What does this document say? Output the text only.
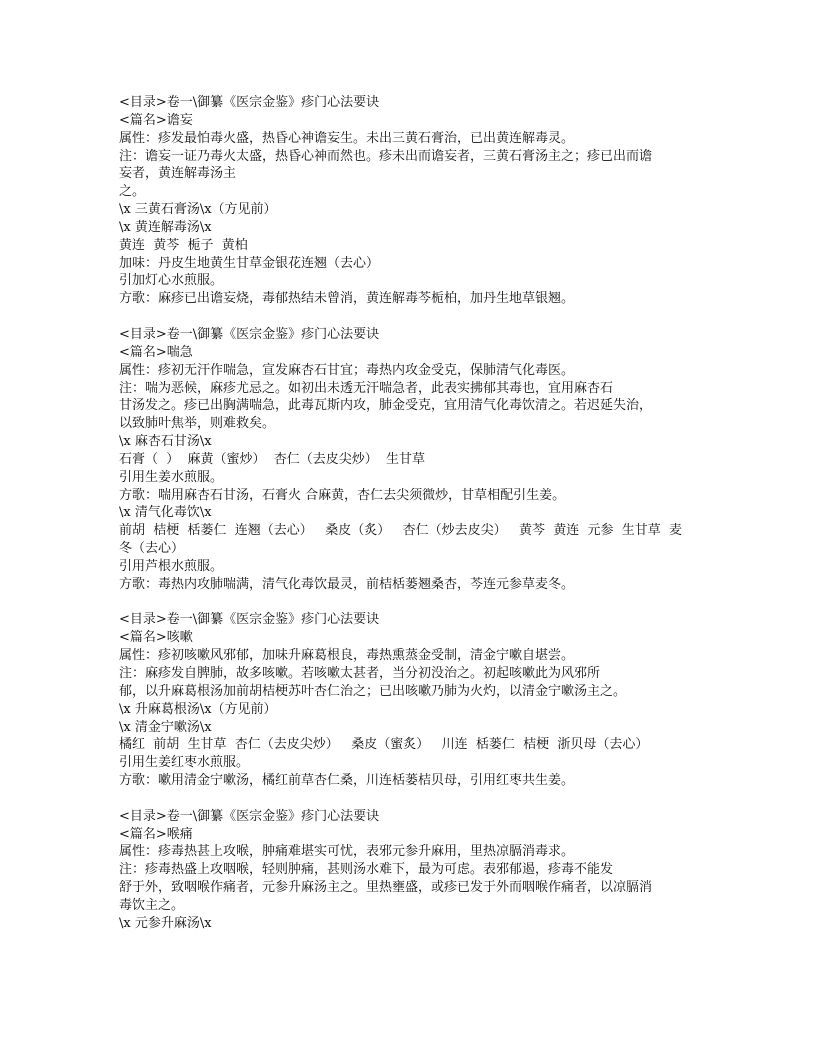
<目录>卷一\御纂《医宗金鉴》疹门心法要诀
<篇名>谵妄
属性：疹发最怕毒火盛，热昏心神谵妄生。未出三黄石膏治，已出黄连解毒灵。
注：谵妄一证乃毒火太盛，热昏心神而然也。疹未出而谵妄者，三黄石膏汤主之；疹已出而谵
妄者，黄连解毒汤主
之。
\x 三黄石膏汤\x（方见前）
\x 黄连解毒汤\x
黄连  黄芩  栀子  黄柏
加味：丹皮生地黄生甘草金银花连翘（去心）
引加灯心水煎服。
方歌：麻疹已出谵妄烧，毒郁热结未曾消，黄连解毒芩栀柏，加丹生地草银翘。
<目录>卷一\御纂《医宗金鉴》疹门心法要诀
<篇名>喘急
属性：疹初无汗作喘急，宣发麻杏石甘宜；毒热内攻金受克，保肺清气化毒医。
注：喘为恶候，麻疹尤忌之。如初出未透无汗喘急者，此表实拂郁其毒也，宜用麻杏石
甘汤发之。疹已出胸满喘急，此毒瓦斯内攻，肺金受克，宜用清气化毒饮清之。若迟延失治，
以致肺叶焦举，则难救矣。
\x 麻杏石甘汤\x
石膏（  ）  麻黄（蜜炒）  杏仁（去皮尖炒）  生甘草
引用生姜水煎服。
方歌：喘用麻杏石甘汤，石膏火 合麻黄，杏仁去尖须微炒，甘草相配引生姜。
\x 清气化毒饮\x
前胡  桔梗  栝蒌仁  连翘（去心）   桑皮（炙）   杏仁（炒去皮尖）   黄芩  黄连  元参  生甘草  麦
冬（去心）
引用芦根水煎服。
方歌：毒热内攻肺喘满，清气化毒饮最灵，前桔栝蒌翘桑杏，芩连元参草麦冬。
<目录>卷一\御纂《医宗金鉴》疹门心法要诀
<篇名>咳嗽
属性：疹初咳嗽风邪郁，加味升麻葛根良，毒热熏蒸金受制，清金宁嗽自堪尝。
注：麻疹发自脾肺，故多咳嗽。若咳嗽太甚者，当分初没治之。初起咳嗽此为风邪所
郁，以升麻葛根汤加前胡桔梗苏叶杏仁治之；已出咳嗽乃肺为火灼，以清金宁嗽汤主之。
\x 升麻葛根汤\x（方见前）
\x 清金宁嗽汤\x
橘红  前胡  生甘草  杏仁（去皮尖炒）   桑皮（蜜炙）   川连  栝蒌仁  桔梗  浙贝母（去心）
引用生姜红枣水煎服。
方歌：嗽用清金宁嗽汤，橘红前草杏仁桑，川连栝蒌桔贝母，引用红枣共生姜。
<目录>卷一\御纂《医宗金鉴》疹门心法要诀
<篇名>喉痛
属性：疹毒热甚上攻喉，肿痛难堪实可忧，表邪元参升麻用，里热凉膈消毒求。
注：疹毒热盛上攻咽喉，轻则肿痛，甚则汤水难下，最为可虑。表邪郁遏，疹毒不能发
舒于外，致咽喉作痛者，元参升麻汤主之。里热壅盛，或疹已发于外而咽喉作痛者，以凉膈消
毒饮主之。
\x 元参升麻汤\x
